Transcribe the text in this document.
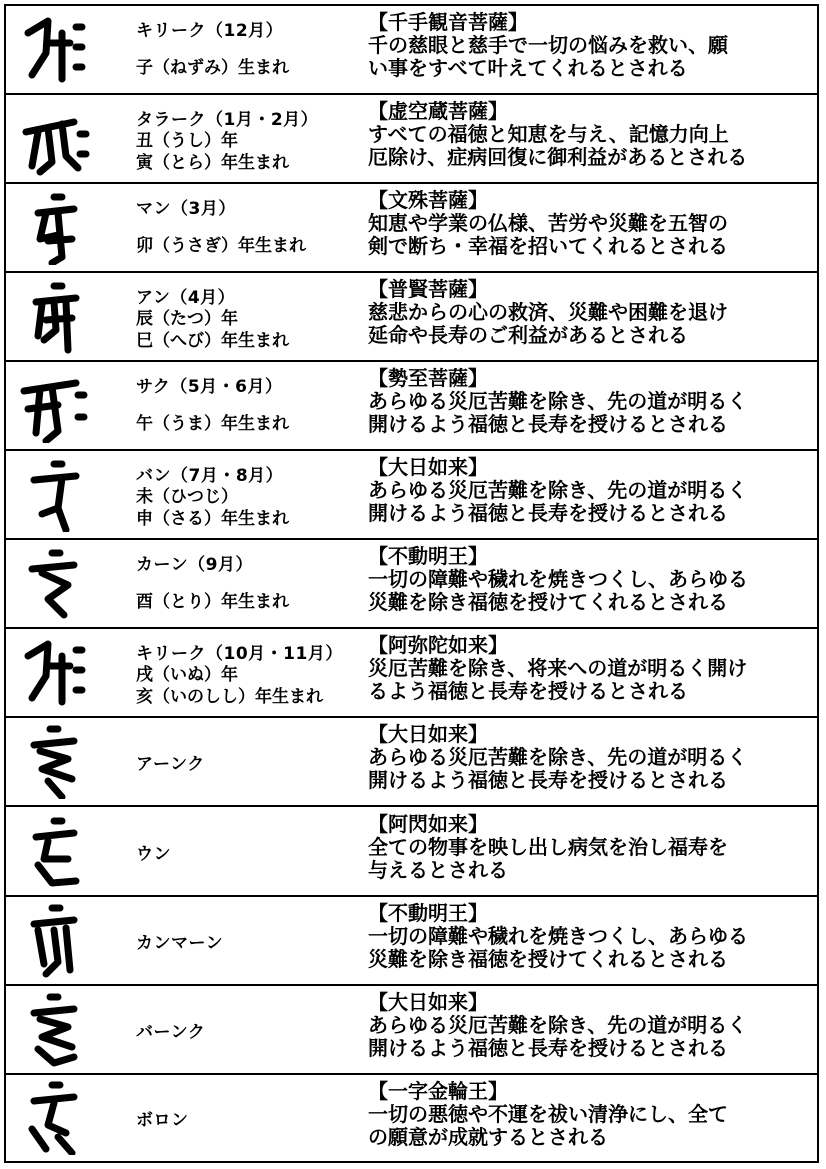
キリーク（12月）
子（ねずみ）生まれ
【千手観音菩薩】
千の慈眼と慈手で一切の悩みを救い、願
い事をすべて叶えてくれるとされる
タラーク（1月・2月）
丑（うし）年
寅（とら）年生まれ
【虚空蔵菩薩】
すべての福徳と知恵を与え、記憶力向上
厄除け、症病回復に御利益があるとされる
マン（3月）
卯（うさぎ）年生まれ
【文殊菩薩】
知恵や学業の仏様、苦労や災難を五智の
剣で断ち・幸福を招いてくれるとされる
アン（4月）
辰（たつ）年
巳（へび）年生まれ
【普賢菩薩】
慈悲からの心の救済、災難や困難を退け
延命や長寿のご利益があるとされる
サク（5月・6月）
午（うま）年生まれ
【勢至菩薩】
あらゆる災厄苦難を除き、先の道が明るく
開けるよう福徳と長寿を授けるとされる
バン（7月・8月）
未（ひつじ）
申（さる）年生まれ
【大日如来】
あらゆる災厄苦難を除き、先の道が明るく
開けるよう福徳と長寿を授けるとされる
カーン（9月）
酉（とり）年生まれ
【不動明王】
一切の障難や穢れを焼きつくし、あらゆる
災難を除き福徳を授けてくれるとされる
キリーク（10月・11月）
戌（いぬ）年
亥（いのしし）年生まれ
【阿弥陀如来】
災厄苦難を除き、将来への道が明るく開け
るよう福徳と長寿を授けるとされる
アーンク
【大日如来】
あらゆる災厄苦難を除き、先の道が明るく
開けるよう福徳と長寿を授けるとされる
ウン
【阿閃如来】
全ての物事を映し出し病気を治し福寿を
与えるとされる
カンマーン
【不動明王】
一切の障難や穢れを焼きつくし、あらゆる
災難を除き福徳を授けてくれるとされる
バーンク
【大日如来】
あらゆる災厄苦難を除き、先の道が明るく
開けるよう福徳と長寿を授けるとされる
ボロン
【一字金輪王】
一切の悪徳や不運を祓い清浄にし、全て
の願意が成就するとされる
